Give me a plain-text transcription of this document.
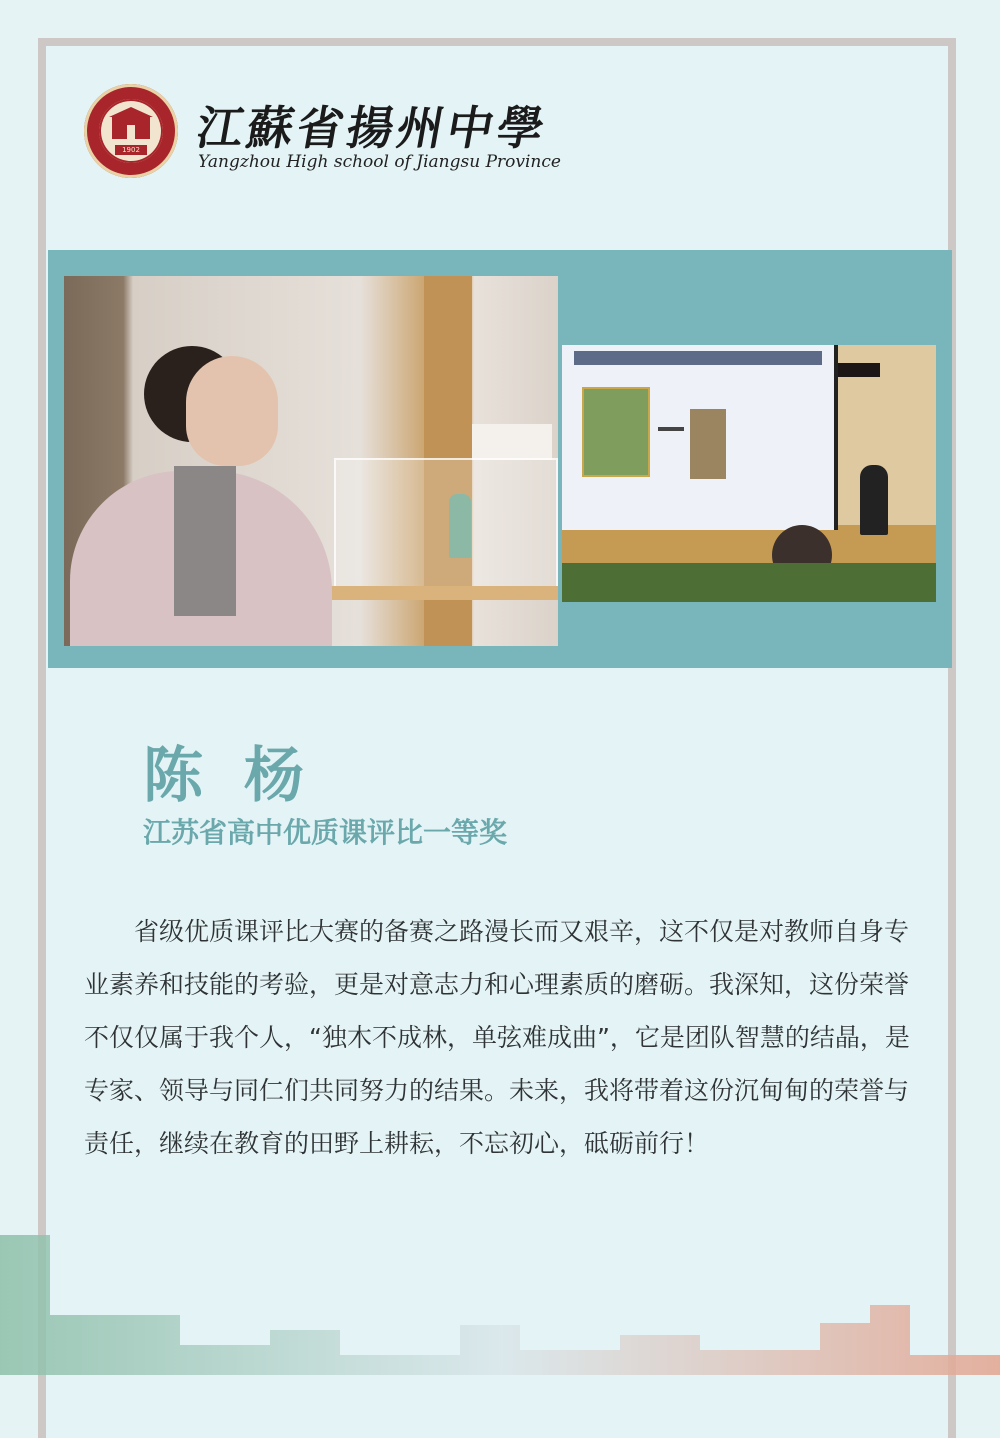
1902 江蘇省揚州中學
Yangzhou High school of Jiangsu Province
陈 杨
江苏省高中优质课评比一等奖
省级优质课评比大赛的备赛之路漫长而又艰辛，这不仅是对教师自身专业素养和技能的考验，更是对意志力和心理素质的磨砺。我深知，这份荣誉不仅仅属于我个人，“独木不成林，单弦难成曲”，它是团队智慧的结晶，是专家、领导与同仁们共同努力的结果。未来，我将带着这份沉甸甸的荣誉与责任，继续在教育的田野上耕耘，不忘初心，砥砺前行！
